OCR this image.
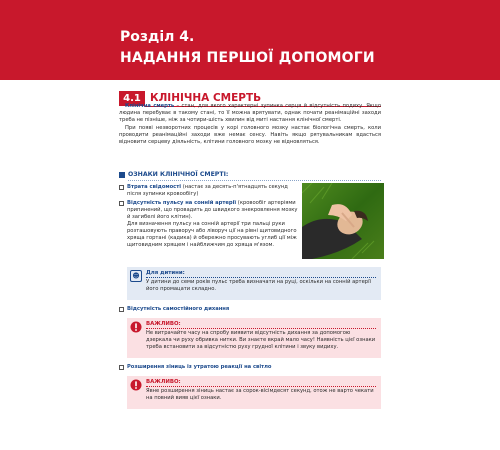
Розділ 4.
НАДАННЯ ПЕРШОЇ ДОПОМОГИ
4.1 КЛІНІЧНА СМЕРТЬ

Клінічна смерть – стан, для якого характерні зупинка серця й відсутність подиху. Якщо людина перебуває в такому стані, то її можна врятувати, однак почати реанімаційні заходи треба не пізніше, ніж за чотири-шість хвилин від миті настання клінічної смерті.

При появі незворотних процесів у корі головного мозку настає біологічна смерть, коли проводити реанімаційні заходи вже немає сенсу. Навіть якщо рятувальникам вдасться відновити серцеву діяльність, клітини головного мозку не відновляться.

ОЗНАКИ КЛІНІЧНОЇ СМЕРТІ:
Втрата свідомості (настає за десять-п'ятнадцять секунд після зупинки кровообігу)
Відсутність пульсу на сонній артерії (кровообіг артеріями припинений, що провадить до швидкого знекровлення мозку й загибелі його клітин).
Для визначення пульсу на сонній артерії три пальці руки розташовують праворуч або ліворуч ції на рівні щитовидного хряща гортані (кадика) й обережно просувають углиб ції між щитовидним хрящем і найближчим до хряща м'язом.
☻	Для дитини:
У дитини до семи років пульс треба визначати на руці, оскільки на сонній артерії його промацати складно.
Відсутність самостійного дихання
ВАЖЛИВО:
Не витрачайте часу на спробу виявити відсутність дихання за допомогою дзеркала чи руху обривка нитки. Ви знаєте вкрай мало часу! Наявність цієї ознаки треба встановити за відсутністю руху грудної клітини і звуку видиху.
Розширення зіниць із утратою реакції на світло
ВАЖЛИВО:
Явне розширення зіниць настає за сорок-вісімдесят секунд, отож не варто чекати на повний вияв цієї ознаки.
